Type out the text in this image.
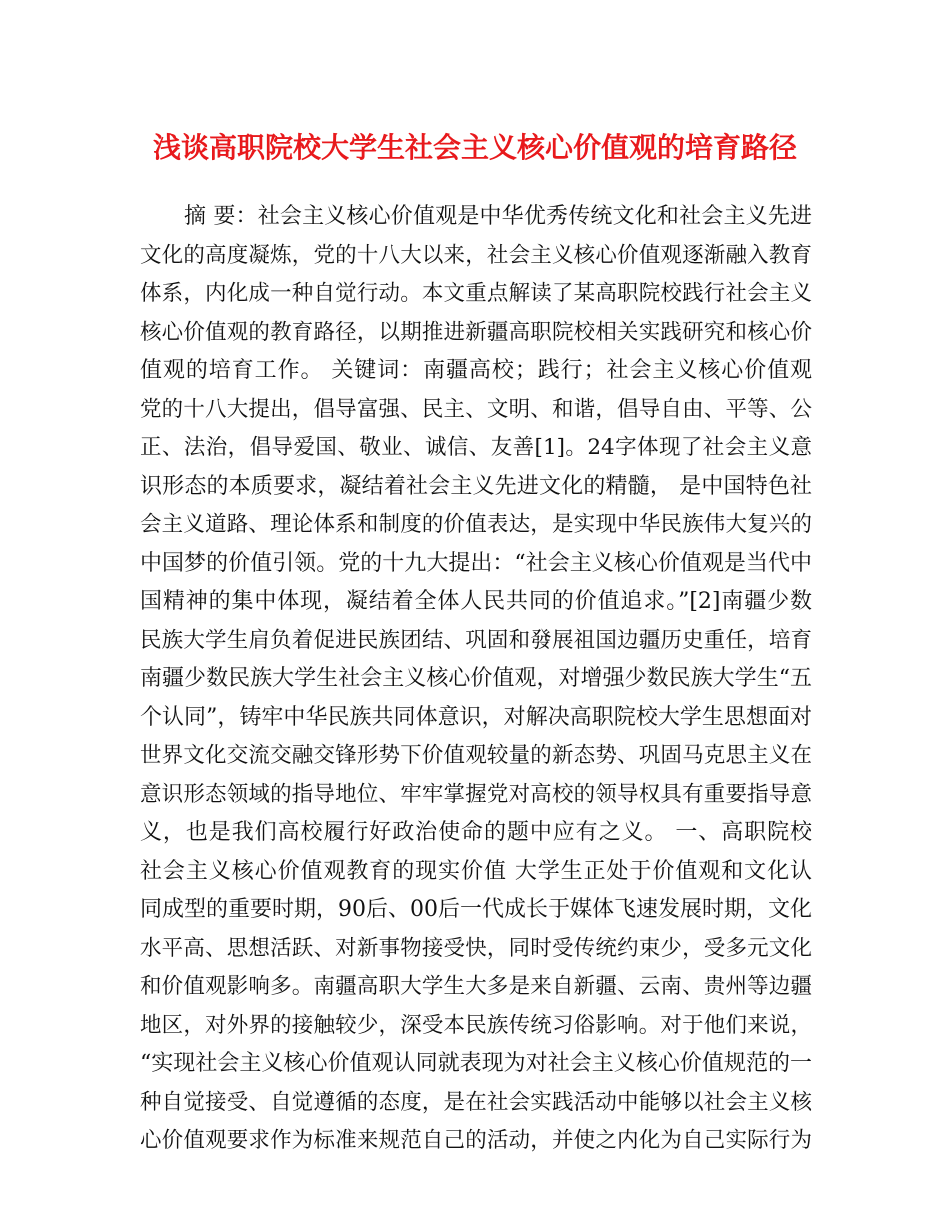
浅谈高职院校大学生社会主义核心价值观的培育路径
摘 要：社会主义核心价值观是中华优秀传统文化和社会主义先进
文化的高度凝炼，党的十八大以来，社会主义核心价值观逐渐融入教育
体系，内化成一种自觉行动。本文重点解读了某高职院校践行社会主义
核心价值观的教育路径，以期推进新疆高职院校相关实践研究和核心价
值观的培育工作。 关键词：南疆高校；践行；社会主义核心价值观
党的十八大提出，倡导富强、民主、文明、和谐，倡导自由、平等、公
正、法治，倡导爱国、敬业、诚信、友善[1]。24字体现了社会主义意
识形态的本质要求，凝结着社会主义先进文化的精髓， 是中国特色社
会主义道路、理论体系和制度的价值表达，是实现中华民族伟大复兴的
中国梦的价值引领。党的十九大提出：“社会主义核心价值观是当代中
国精神的集中体现，凝结着全体人民共同的价值追求。”[2]南疆少数
民族大学生肩负着促进民族团结、巩固和發展祖国边疆历史重任，培育
南疆少数民族大学生社会主义核心价值观，对增强少数民族大学生“五
个认同”，铸牢中华民族共同体意识，对解决高职院校大学生思想面对
世界文化交流交融交锋形势下价值观较量的新态势、巩固马克思主义在
意识形态领域的指导地位、牢牢掌握党对高校的领导权具有重要指导意
义，也是我们高校履行好政治使命的题中应有之义。 一、高职院校
社会主义核心价值观教育的现实价值 大学生正处于价值观和文化认
同成型的重要时期，90后、00后一代成长于媒体飞速发展时期，文化
水平高、思想活跃、对新事物接受快，同时受传统约束少，受多元文化
和价值观影响多。南疆高职大学生大多是来自新疆、云南、贵州等边疆
地区，对外界的接触较少，深受本民族传统习俗影响。对于他们来说，
“实现社会主义核心价值观认同就表现为对社会主义核心价值规范的一
种自觉接受、自觉遵循的态度，是在社会实践活动中能够以社会主义核
心价值观要求作为标准来规范自己的活动，并使之内化为自己实际行为
